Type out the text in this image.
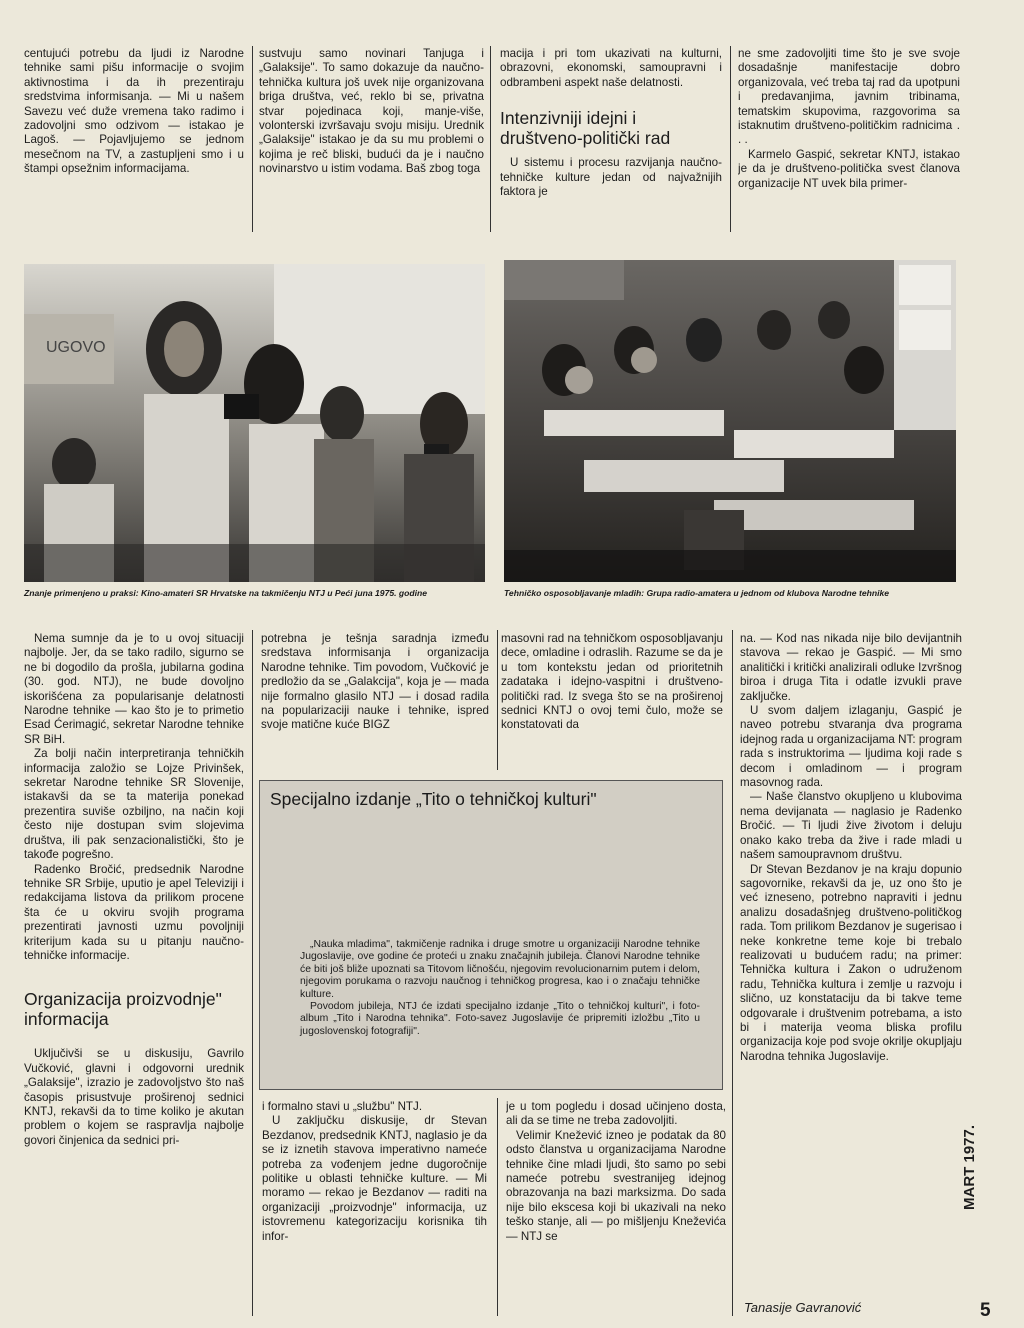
centujući potrebu da ljudi iz Narodne tehnike sami pišu informacije o svojim aktivnostima i da ih prezentiraju sredstvima informisanja. — Mi u našem Savezu već duže vremena tako radimo i zadovoljni smo odzivom — istakao je Lagoš. — Pojavljujemo se jednom mesečnom na TV, a zastupljeni smo i u štampi opsežnim informacijama.

sustvuju samo novinari Tanjuga i „Galaksije". To samo dokazuje da naučno-tehnička kultura još uvek nije organizovana briga društva, već, reklo bi se, privatna stvar pojedinaca koji, manje-više, volonterski izvršavaju svoju misiju. Urednik „Galaksije" istakao je da su mu problemi o kojima je reč bliski, budući da je i naučno novinarstvo u istim vodama. Baš zbog toga

macija i pri tom ukazivati na kulturni, obrazovni, ekonomski, samoupravni i odbrambeni aspekt naše delatnosti.

Intenzivniji idejni i društveno-politički rad

U sistemu i procesu razvijanja naučno-tehničke kulture jedan od najvažnijih faktora je

ne sme zadovoljiti time što je sve svoje dosadašnje manifestacije dobro organizovala, već treba taj rad da upotpuni i predavanjima, javnim tribinama, tematskim skupovima, razgovorima sa istaknutim društveno-političkim radnicima . . .

Karmelo Gaspić, sekretar KNTJ, istakao je da je društveno-politička svest članova organizacije NT uvek bila primer-

UGOVO
Znanje primenjeno u praksi: Kino-amateri SR Hrvatske na takmičenju NTJ u Peći juna 1975. godine	Tehničko osposobljavanje mladih: Grupa radio-amatera u jednom od klubova Narodne tehnike

Nema sumnje da je to u ovoj situaciji najbolje. Jer, da se tako radilo, sigurno se ne bi dogodilo da prošla, jubilarna godina (30. god. NTJ), ne bude dovoljno iskorišćena za popularisanje delatnosti Narodne tehnike — kao što je to primetio Esad Ćerimagić, sekretar Narodne tehnike SR BiH.

Za bolji način interpretiranja tehničkih informacija založio se Lojze Privinšek, sekretar Narodne tehnike SR Slovenije, istakavši da se ta materija ponekad prezentira suviše ozbiljno, na način koji često nije dostupan svim slojevima društva, ili pak senzacionalistički, što je takođe pogrešno.

Radenko Bročić, predsednik Narodne tehnike SR Srbije, uputio je apel Televiziji i redakcijama listova da prilikom procene šta će u okviru svojih programa prezentirati javnosti uzmu povoljniji kriterijum kada su u pitanju naučno-tehničke informacije.

Organizacija proizvodnje" informacija

Uključivši se u diskusiju, Gavrilo Vučković, glavni i odgovorni urednik „Galaksije", izrazio je zadovoljstvo što naš časopis prisustvuje proširenoj sednici KNTJ, rekavši da to time koliko je akutan problem o kojem se raspravlja najbolje govori činjenica da sednici pri-

potrebna je tešnja saradnja između sredstava informisanja i organizacija Narodne tehnike. Tim povodom, Vučković je predložio da se „Galakcija", koja je — mada nije formalno glasilo NTJ — i dosad radila na popularizaciji nauke i tehnike, ispred svoje matične kuće BIGZ

masovni rad na tehničkom osposobljavanju dece, omladine i odraslih. Razume se da je u tom kontekstu jedan od prioritetnih zadataka i idejno-vaspitni i društveno-politički rad. Iz svega što se na proširenoj sednici KNTJ o ovoj temi čulo, može se konstatovati da

Specijalno izdanje „Tito o tehničkoj kulturi"

„Nauka mladima", takmičenje radnika i druge smotre u organizaciji Narodne tehnike Jugoslavije, ove godine će proteći u znaku značajnih jubileja. Članovi Narodne tehnike će biti još bliže upoznati sa Titovom ličnošću, njegovim revolucionarnim putem i delom, njegovim porukama o razvoju naučnog i tehničkog progresa, kao i o značaju tehničke kulture.

Povodom jubileja, NTJ će izdati specijalno izdanje „Tito o tehničkoj kulturi", i foto-album „Tito i Narodna tehnika". Foto-savez Jugoslavije će pripremiti izložbu „Tito u jugoslovenskoj fotografiji".

i formalno stavi u „službu" NTJ.

U zaključku diskusije, dr Stevan Bezdanov, predsednik KNTJ, naglasio je da se iz iznetih stavova imperativno nameće potreba za vođenjem jedne dugoročnije politike u oblasti tehničke kulture. — Mi moramo — rekao je Bezdanov — raditi na organizaciji „proizvodnje" informacija, uz istovremenu kategorizaciju korisnika tih infor-

je u tom pogledu i dosad učinjeno dosta, ali da se time ne treba zadovoljiti.

Velimir Knežević izneo je podatak da 80 odsto članstva u organizacijama Narodne tehnike čine mladi ljudi, što samo po sebi nameće potrebu svestranijeg idejnog obrazovanja na bazi marksizma. Do sada nije bilo ekscesa koji bi ukazivali na neko teško stanje, ali — po mišljenju Kneževića — NTJ se

na. — Kod nas nikada nije bilo devijantnih stavova — rekao je Gaspić. — Mi smo analitički i kritički analizirali odluke Izvršnog biroa i druga Tita i odatle izvukli prave zaključke.

U svom daljem izlaganju, Gaspić je naveo potrebu stvaranja dva programa idejnog rada u organizacijama NT: program rada s instruktorima — ljudima koji rade s decom i omladinom — i program masovnog rada.

— Naše članstvo okupljeno u klubovima nema devijanata — naglasio je Radenko Bročić. — Ti ljudi žive životom i deluju onako kako treba da žive i rade mladi u našem samoupravnom društvu.

Dr Stevan Bezdanov je na kraju dopunio sagovornike, rekavši da je, uz ono što je već izneseno, potrebno napraviti i jednu analizu dosadašnjeg društveno-političkog rada. Tom prilikom Bezdanov je sugerisao i neke konkretne teme koje bi trebalo realizovati u budućem radu; na primer: Tehnička kultura i Zakon o udruženom radu, Tehnička kultura i zemlje u razvoju i slično, uz konstataciju da bi takve teme odgovarale i društvenim potrebama, a isto bi i materija veoma bliska profilu organizacija koje pod svoje okrilje okupljaju Narodna tehnika Jugoslavije.

Tanasije Gavranović
MART 1977.
5
